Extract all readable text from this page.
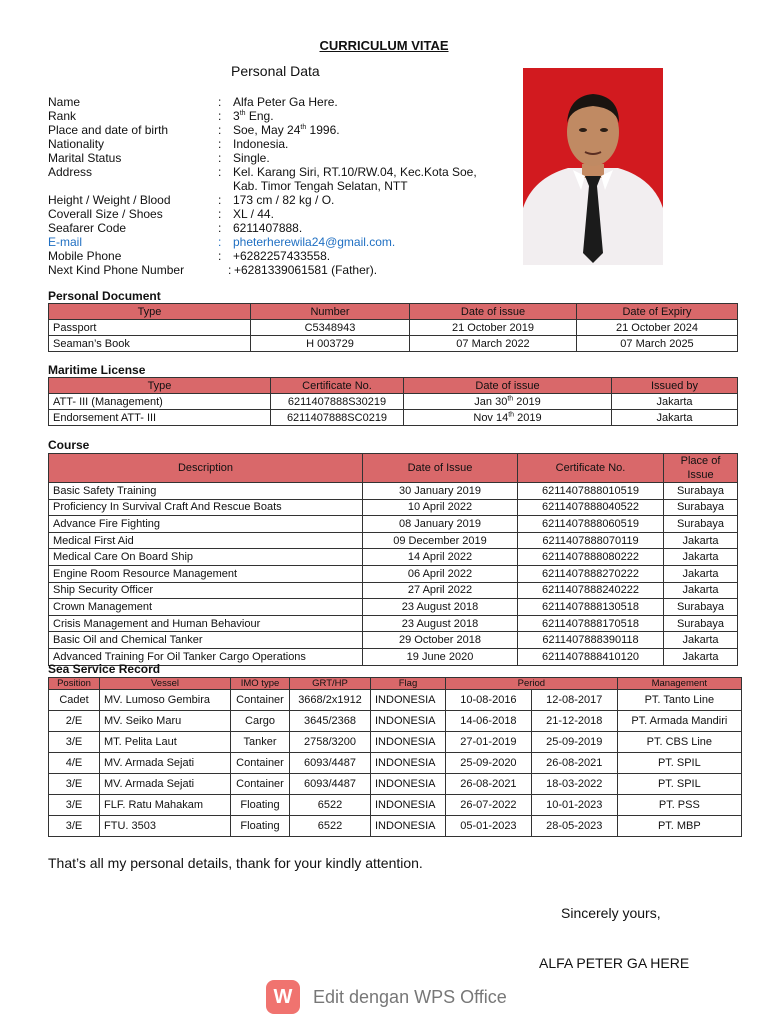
CURRICULUM VITAE
Personal Data
Name	: Alfa Peter Ga Here.
Rank	: 3th Eng.
Place and date of birth	: Soe, May 24th 1996.
Nationality	: Indonesia.
Marital Status	: Single.
Address	: Kel. Karang Siri, RT.10/RW.04, Kec.Kota Soe,
Kab. Timor Tengah Selatan, NTT
Height / Weight / Blood	: 173 cm / 82 kg / O.
Coverall Size / Shoes	: XL / 44.
Seafarer Code	: 6211407888.
E-mail	: pheterherewila24@gmail.com.
Mobile Phone	: +6282257433558.
Next Kind Phone Number	: +6281339061581 (Father).
Personal Document
Type	Number	Date of issue	Date of Expiry
Passport	C5348943	21 October 2019	21 October 2024
Seaman’s Book	H 003729	07 March 2022	07 March 2025
Maritime License
Type	Certificate No.	Date of issue	Issued by
ATT- III (Management)	6211407888S30219	Jan 30th 2019	Jakarta
Endorsement ATT- III	6211407888SC0219	Nov 14th 2019	Jakarta
Course
Description	Date of Issue	Certificate No.	Place of Issue
Basic Safety Training	30 January 2019	6211407888010519	Surabaya
Proficiency In Survival Craft And Rescue Boats	10 April 2022	6211407888040522	Surabaya
Advance Fire Fighting	08 January 2019	6211407888060519	Surabaya
Medical First Aid	09 December 2019	6211407888070119	Jakarta
Medical Care On Board Ship	14 April 2022	6211407888080222	Jakarta
Engine Room Resource Management	06 April 2022	6211407888270222	Jakarta
Ship Security Officer	27 April 2022	6211407888240222	Jakarta
Crown Management	23 August 2018	6211407888130518	Surabaya
Crisis Management and Human Behaviour	23 August 2018	6211407888170518	Surabaya
Basic Oil and Chemical Tanker	29 October 2018	6211407888390118	Jakarta
Advanced Training For Oil Tanker Cargo Operations	19 June 2020	6211407888410120	Jakarta
Sea Service Record
Position	Vessel	IMO type	GRT/HP	Flag	Period		Management
Cadet	MV. Lumoso Gembira	Container	3668/2x1912	INDONESIA	10-08-2016	12-08-2017	PT. Tanto Line
2/E	MV. Seiko Maru	Cargo	3645/2368	INDONESIA	14-06-2018	21-12-2018	PT. Armada Mandiri
3/E	MT. Pelita Laut	Tanker	2758/3200	INDONESIA	27-01-2019	25-09-2019	PT. CBS Line
4/E	MV. Armada Sejati	Container	6093/4487	INDONESIA	25-09-2020	26-08-2021	PT. SPIL
3/E	MV. Armada Sejati	Container	6093/4487	INDONESIA	26-08-2021	18-03-2022	PT. SPIL
3/E	FLF. Ratu Mahakam	Floating	6522	INDONESIA	26-07-2022	10-01-2023	PT. PSS
3/E	FTU. 3503	Floating	6522	INDONESIA	05-01-2023	28-05-2023	PT. MBP
That’s all my personal details, thank for your kindly attention.
Sincerely yours,
ALFA PETER GA HERE
W	Edit dengan WPS Office
